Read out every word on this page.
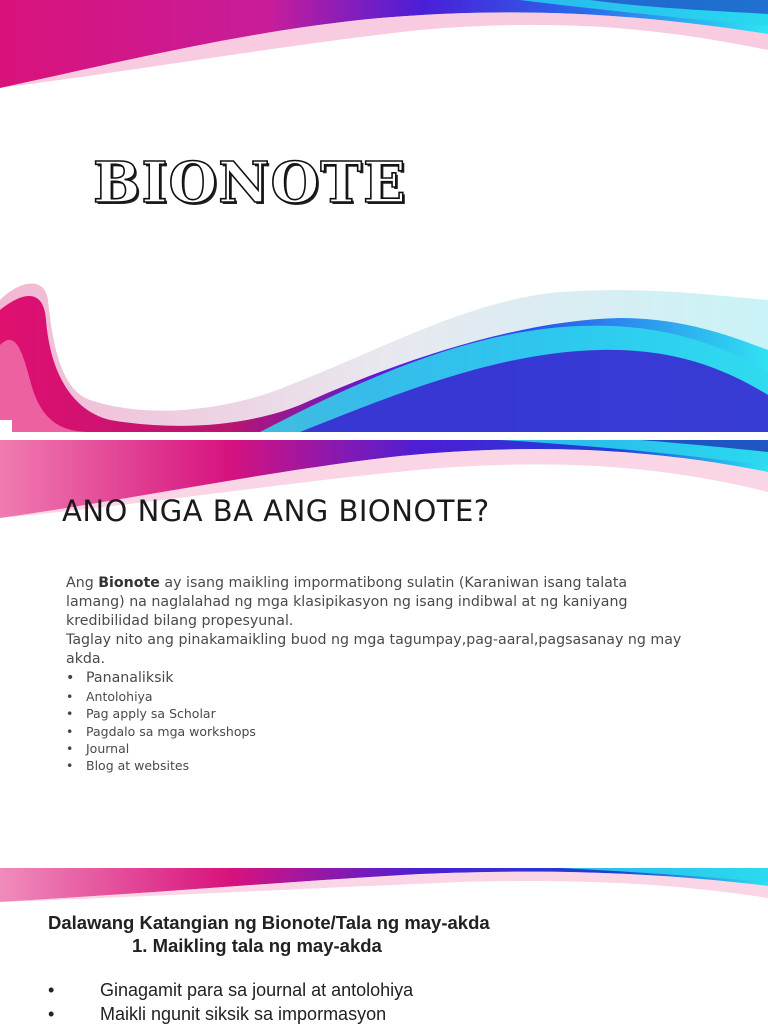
BIONOTE
ANO NGA BA ANG BIONOTE?

Ang Bionote ay isang maikling impormatibong sulatin (Karaniwan isang talata lamang) na naglalahad ng mga klasipikasyon ng isang indibwal at ng kaniyang kredibilidad bilang propesyunal.

Taglay nito ang pinakamaikling buod ng mga tagumpay,pag-aaral,pagsasanay ng may akda.

• Pananaliksik
• Antolohiya
• Pag apply sa Scholar
• Pagdalo sa mga workshops
• Journal
• Blog at websites
Dalawang Katangian ng Bionote/Tala ng may-akda
1. Maikling tala ng may-akda
• Ginagamit para sa journal at antolohiya
• Maikli ngunit siksik sa impormasyon
